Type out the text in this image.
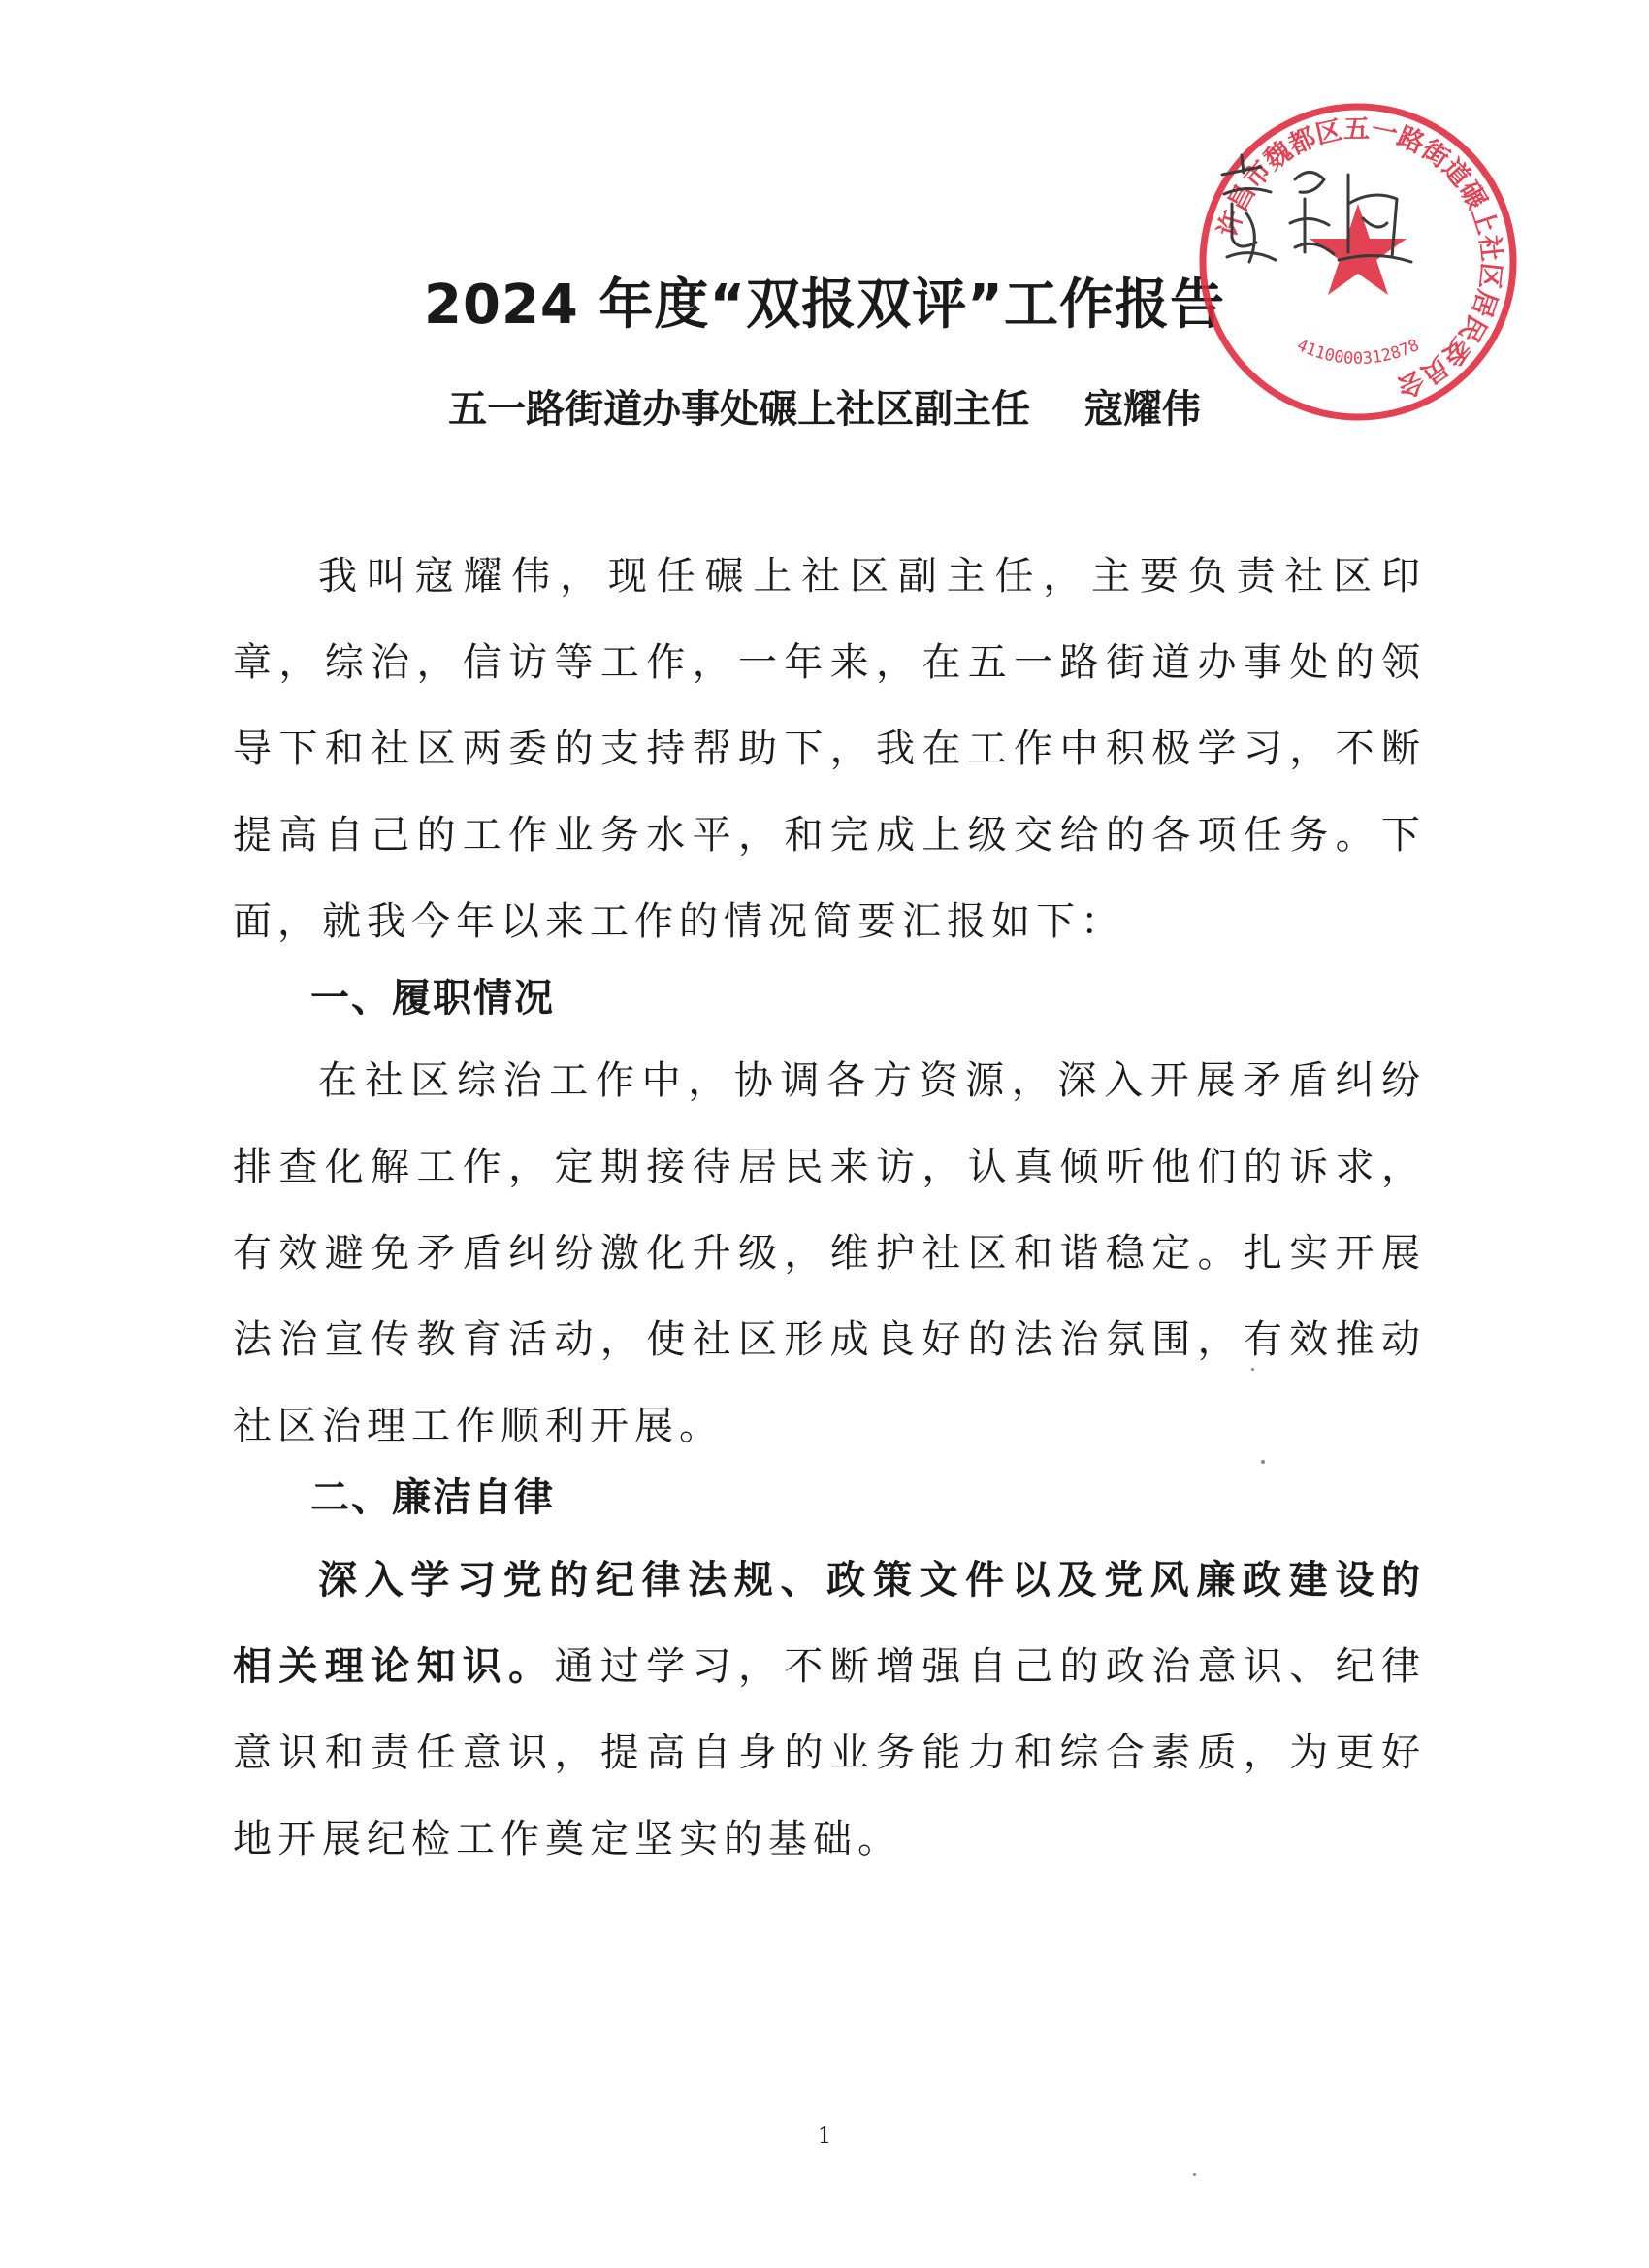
2024 年度“双报双评”工作报告
五一路街道办事处碾上社区副主任    寇耀伟

我叫寇耀伟，现任碾上社区副主任，主要负责社区印章，综治，信访等工作，一年来，在五一路街道办事处的领导下和社区两委的支持帮助下，我在工作中积极学习，不断提高自己的工作业务水平，和完成上级交给的各项任务。下面，就我今年以来工作的情况简要汇报如下：

一、履职情况

在社区综治工作中，协调各方资源，深入开展矛盾纠纷排查化解工作，定期接待居民来访，认真倾听他们的诉求，有效避免矛盾纠纷激化升级，维护社区和谐稳定。扎实开展法治宣传教育活动，使社区形成良好的法治氛围，有效推动社区治理工作顺利开展。

二、廉洁自律

深入学习党的纪律法规、政策文件以及党风廉政建设的相关理论知识。通过学习，不断增强自己的政治意识、纪律意识和责任意识，提高自身的业务能力和综合素质，为更好地开展纪检工作奠定坚实的基础。

1
许昌市魏都区五一路街道碾上社区居民委员会
4110000312878
